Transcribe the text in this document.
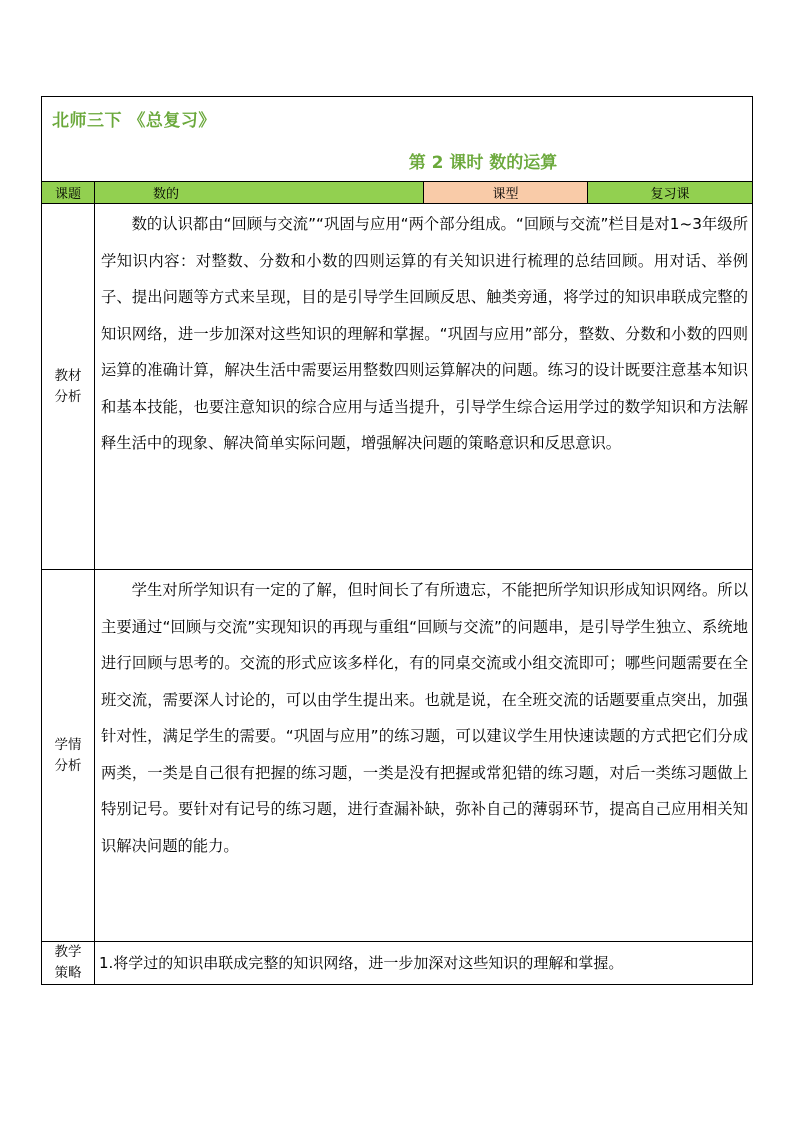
北师三下 《总复习》
第 2 课时 数的运算			

课题	数的	课型	复习课

教材
分析	数的认识都由“回顾与交流”“巩固与应用“两个部分组成。“回顾与交流”栏目是对1~3年级所学知识内容：对整数、分数和小数的四则运算的有关知识进行梳理的总结回顾。用对话、举例子、提出问题等方式来呈现，目的是引导学生回顾反思、触类旁通，将学过的知识串联成完整的知识网络，进一步加深对这些知识的理解和掌握。“巩固与应用”部分，整数、分数和小数的四则运算的准确计算，解决生活中需要运用整数四则运算解决的问题。练习的设计既要注意基本知识和基本技能，也要注意知识的综合应用与适当提升，引导学生综合运用学过的数学知识和方法解释生活中的现象、解决简单实际问题，增强解决问题的策略意识和反思意识。		

学情
分析	学生对所学知识有一定的了解，但时间长了有所遗忘，不能把所学知识形成知识网络。所以主要通过“回顾与交流”实现知识的再现与重组“回顾与交流”的问题串，是引导学生独立、系统地进行回顾与思考的。交流的形式应该多样化，有的同桌交流或小组交流即可；哪些问题需要在全班交流，需要深人讨论的，可以由学生提出来。也就是说，在全班交流的话题要重点突出，加强针对性，满足学生的需要。“巩固与应用”的练习题，可以建议学生用快速读题的方式把它们分成两类，一类是自己很有把握的练习题，一类是没有把握或常犯错的练习题，对后一类练习题做上特别记号。要针对有记号的练习题，进行查漏补缺，弥补自己的薄弱环节，提高自己应用相关知识解决问题的能力。		

教学
策略	1.将学过的知识串联成完整的知识网络，进一步加深对这些知识的理解和掌握。		
